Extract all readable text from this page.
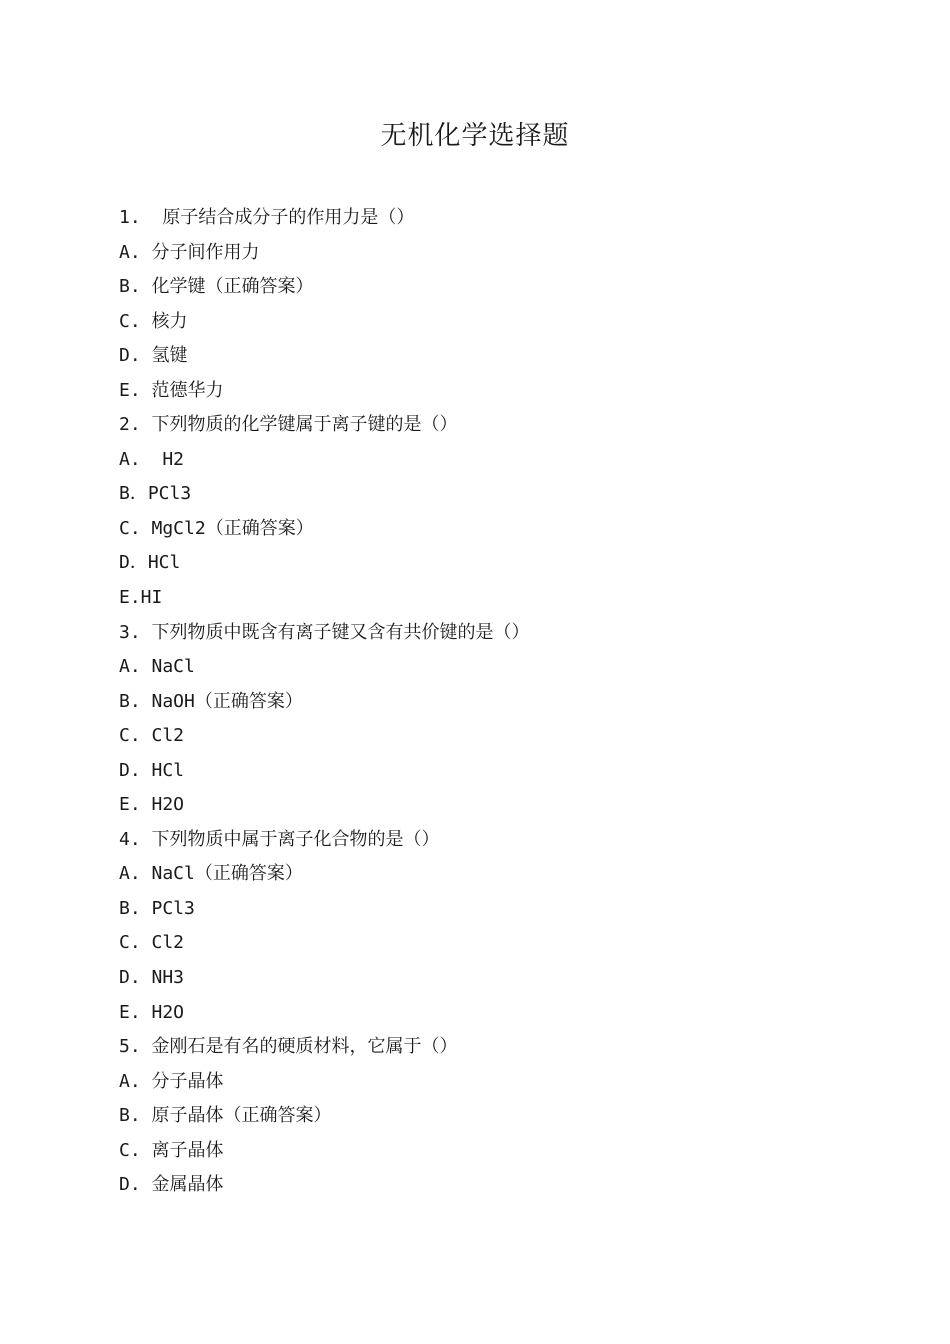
无机化学选择题
1.  原子结合成分子的作用力是（）
A. 分子间作用力
B. 化学键（正确答案）
C. 核力
D. 氢键
E. 范德华力
2. 下列物质的化学键属于离子键的是（）
A.  H2
B．PCl3
C. MgCl2（正确答案）
D．HCl
E.HI
3. 下列物质中既含有离子键又含有共价键的是（）
A. NaCl
B. NaOH（正确答案）
C. Cl2
D. HCl
E. H2O
4. 下列物质中属于离子化合物的是（）
A. NaCl（正确答案）
B. PCl3
C. Cl2
D. NH3
E. H2O
5. 金刚石是有名的硬质材料，它属于（）
A. 分子晶体
B. 原子晶体（正确答案）
C. 离子晶体
D. 金属晶体
